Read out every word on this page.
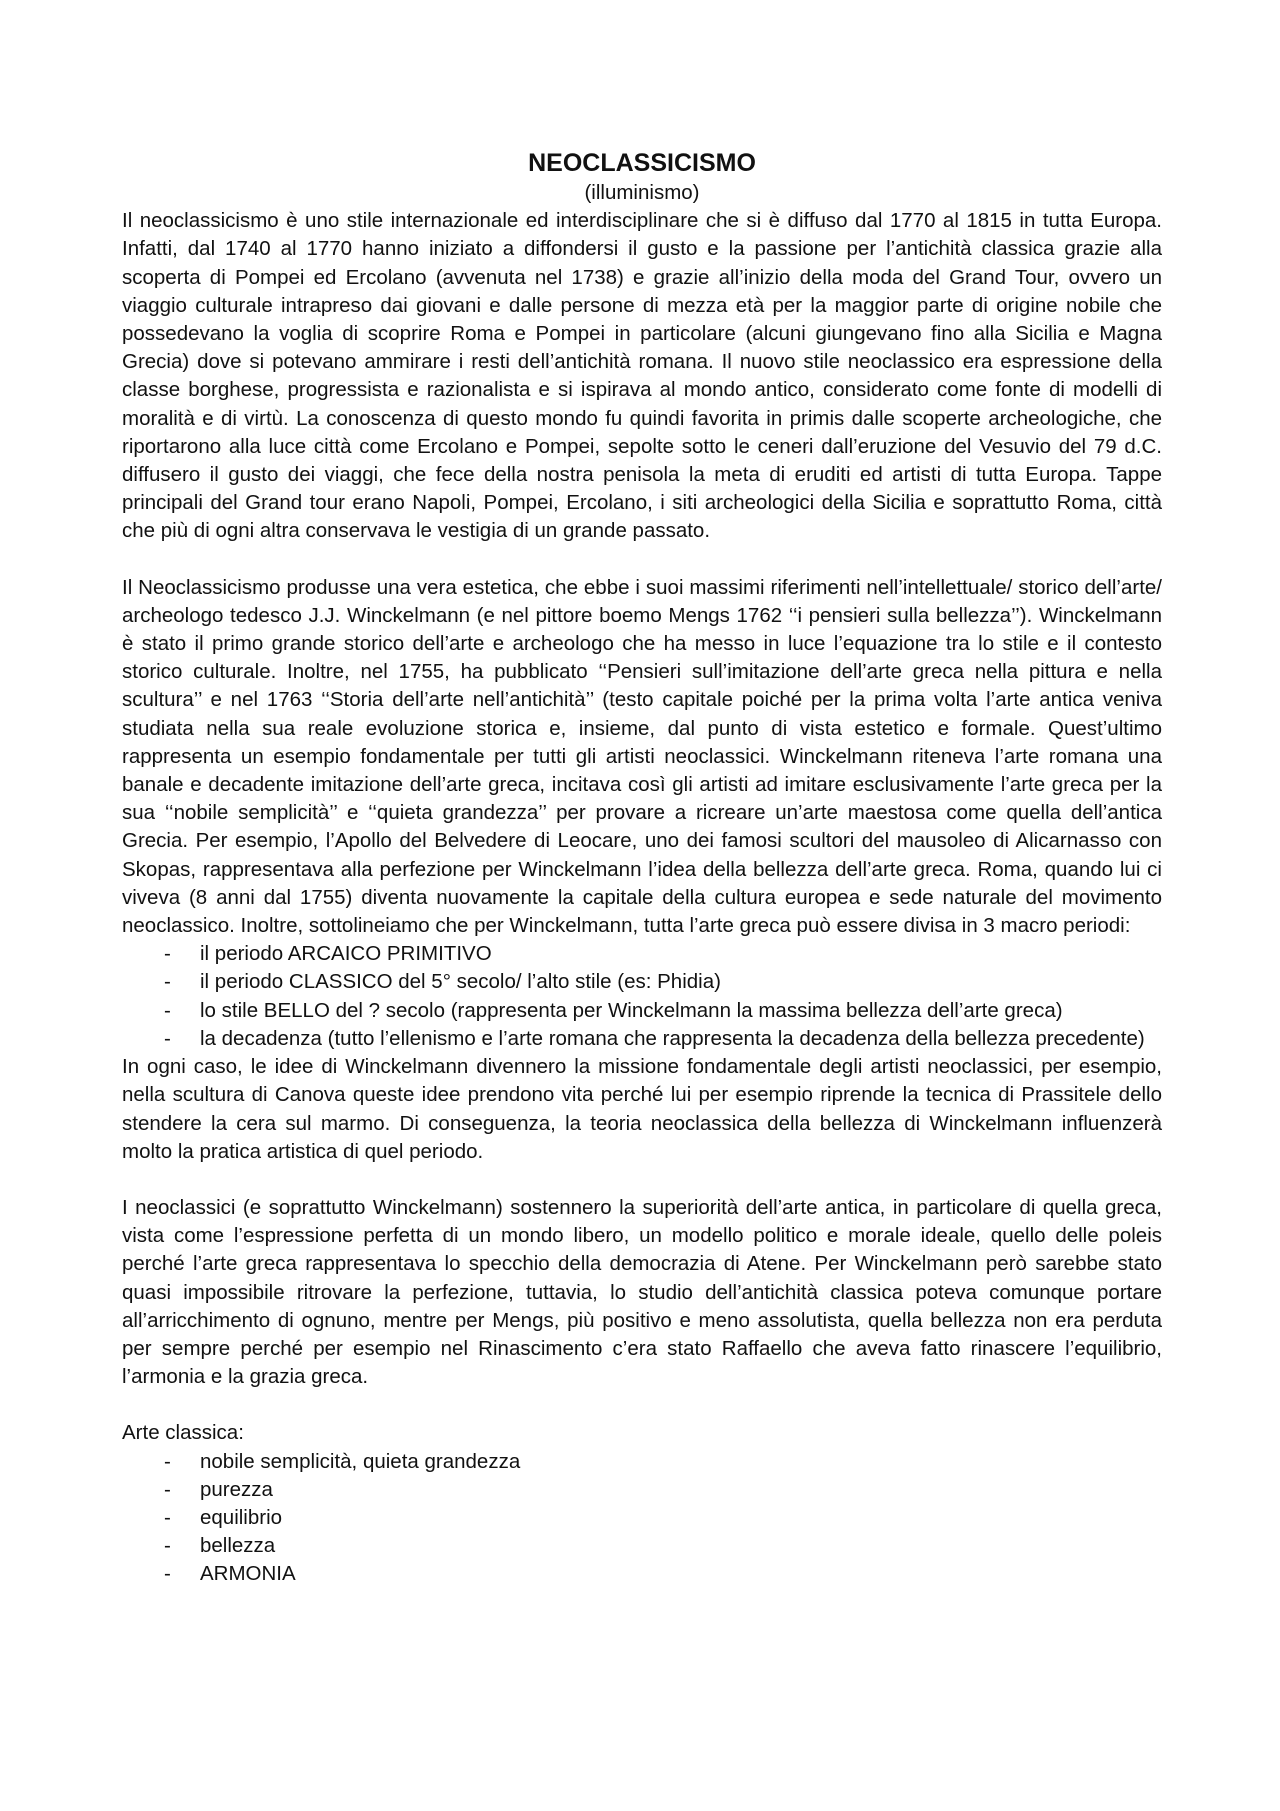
NEOCLASSICISMO

(illuminismo)

Il neoclassicismo è uno stile internazionale ed interdisciplinare che si è diffuso dal 1770 al 1815 in tutta Europa. Infatti, dal 1740 al 1770 hanno iniziato a diffondersi il gusto e la passione per l’antichità classica grazie alla scoperta di Pompei ed Ercolano (avvenuta nel 1738) e grazie all’inizio della moda del Grand Tour, ovvero un viaggio culturale intrapreso dai giovani e dalle persone di mezza età per la maggior parte di origine nobile che possedevano la voglia di scoprire Roma e Pompei in particolare (alcuni giungevano fino alla Sicilia e Magna Grecia) dove si potevano ammirare i resti dell’antichità romana. Il nuovo stile neoclassico era espressione della classe borghese, progressista e razionalista e si ispirava al mondo antico, considerato come fonte di modelli di moralità e di virtù. La conoscenza di questo mondo fu quindi favorita in primis dalle scoperte archeologiche, che riportarono alla luce città come Ercolano e Pompei, sepolte sotto le ceneri dall’eruzione del Vesuvio del 79 d.C. diffusero il gusto dei viaggi, che fece della nostra penisola la meta di eruditi ed artisti di tutta Europa. Tappe principali del Grand tour erano Napoli, Pompei, Ercolano, i siti archeologici della Sicilia e soprattutto Roma, città che più di ogni altra conservava le vestigia di un grande passato.

Il Neoclassicismo produsse una vera estetica, che ebbe i suoi massimi riferimenti nell’intellettuale/ storico dell’arte/ archeologo tedesco J.J. Winckelmann (e nel pittore boemo Mengs 1762 ‘‘i pensieri sulla bellezza’’). Winckelmann è stato il primo grande storico dell’arte e archeologo che ha messo in luce l’equazione tra lo stile e il contesto storico culturale. Inoltre, nel 1755, ha pubblicato ‘‘Pensieri sull’imitazione dell’arte greca nella pittura e nella scultura’’ e nel 1763 ‘‘Storia dell’arte nell’antichità’’ (testo capitale poiché per la prima volta l’arte antica veniva studiata nella sua reale evoluzione storica e, insieme, dal punto di vista estetico e formale. Quest’ultimo rappresenta un esempio fondamentale per tutti gli artisti neoclassici. Winckelmann riteneva l’arte romana una banale e decadente imitazione dell’arte greca, incitava così gli artisti ad imitare esclusivamente l’arte greca per la sua ‘‘nobile semplicità’’ e ‘‘quieta grandezza’’ per provare a ricreare un’arte maestosa come quella dell’antica Grecia. Per esempio, l’Apollo del Belvedere di Leocare, uno dei famosi scultori del mausoleo di Alicarnasso con Skopas, rappresentava alla perfezione per Winckelmann l’idea della bellezza dell’arte greca. Roma, quando lui ci viveva (8 anni dal 1755) diventa nuovamente la capitale della cultura europea e sede naturale del movimento neoclassico. Inoltre, sottolineiamo che per Winckelmann, tutta l’arte greca può essere divisa in 3 macro periodi:

- il periodo ARCAICO PRIMITIVO
- il periodo CLASSICO del 5° secolo/ l’alto stile (es: Phidia)
- lo stile BELLO del ? secolo (rappresenta per Winckelmann la massima bellezza dell’arte greca)
- la decadenza (tutto l’ellenismo e l’arte romana che rappresenta la decadenza della bellezza precedente)

In ogni caso, le idee di Winckelmann divennero la missione fondamentale degli artisti neoclassici, per esempio, nella scultura di Canova queste idee prendono vita perché lui per esempio riprende la tecnica di Prassitele dello stendere la cera sul marmo. Di conseguenza, la teoria neoclassica della bellezza di Winckelmann influenzerà molto la pratica artistica di quel periodo.

I neoclassici (e soprattutto Winckelmann) sostennero la superiorità dell’arte antica, in particolare di quella greca, vista come l’espressione perfetta di un mondo libero, un modello politico e morale ideale, quello delle poleis perché l’arte greca rappresentava lo specchio della democrazia di Atene. Per Winckelmann però sarebbe stato quasi impossibile ritrovare la perfezione, tuttavia, lo studio dell’antichità classica poteva comunque portare all’arricchimento di ognuno, mentre per Mengs, più positivo e meno assolutista, quella bellezza non era perduta per sempre perché per esempio nel Rinascimento c’era stato Raffaello che aveva fatto rinascere l’equilibrio, l’armonia e la grazia greca.

Arte classica:

- nobile semplicità, quieta grandezza
- purezza
- equilibrio
- bellezza
- ARMONIA
